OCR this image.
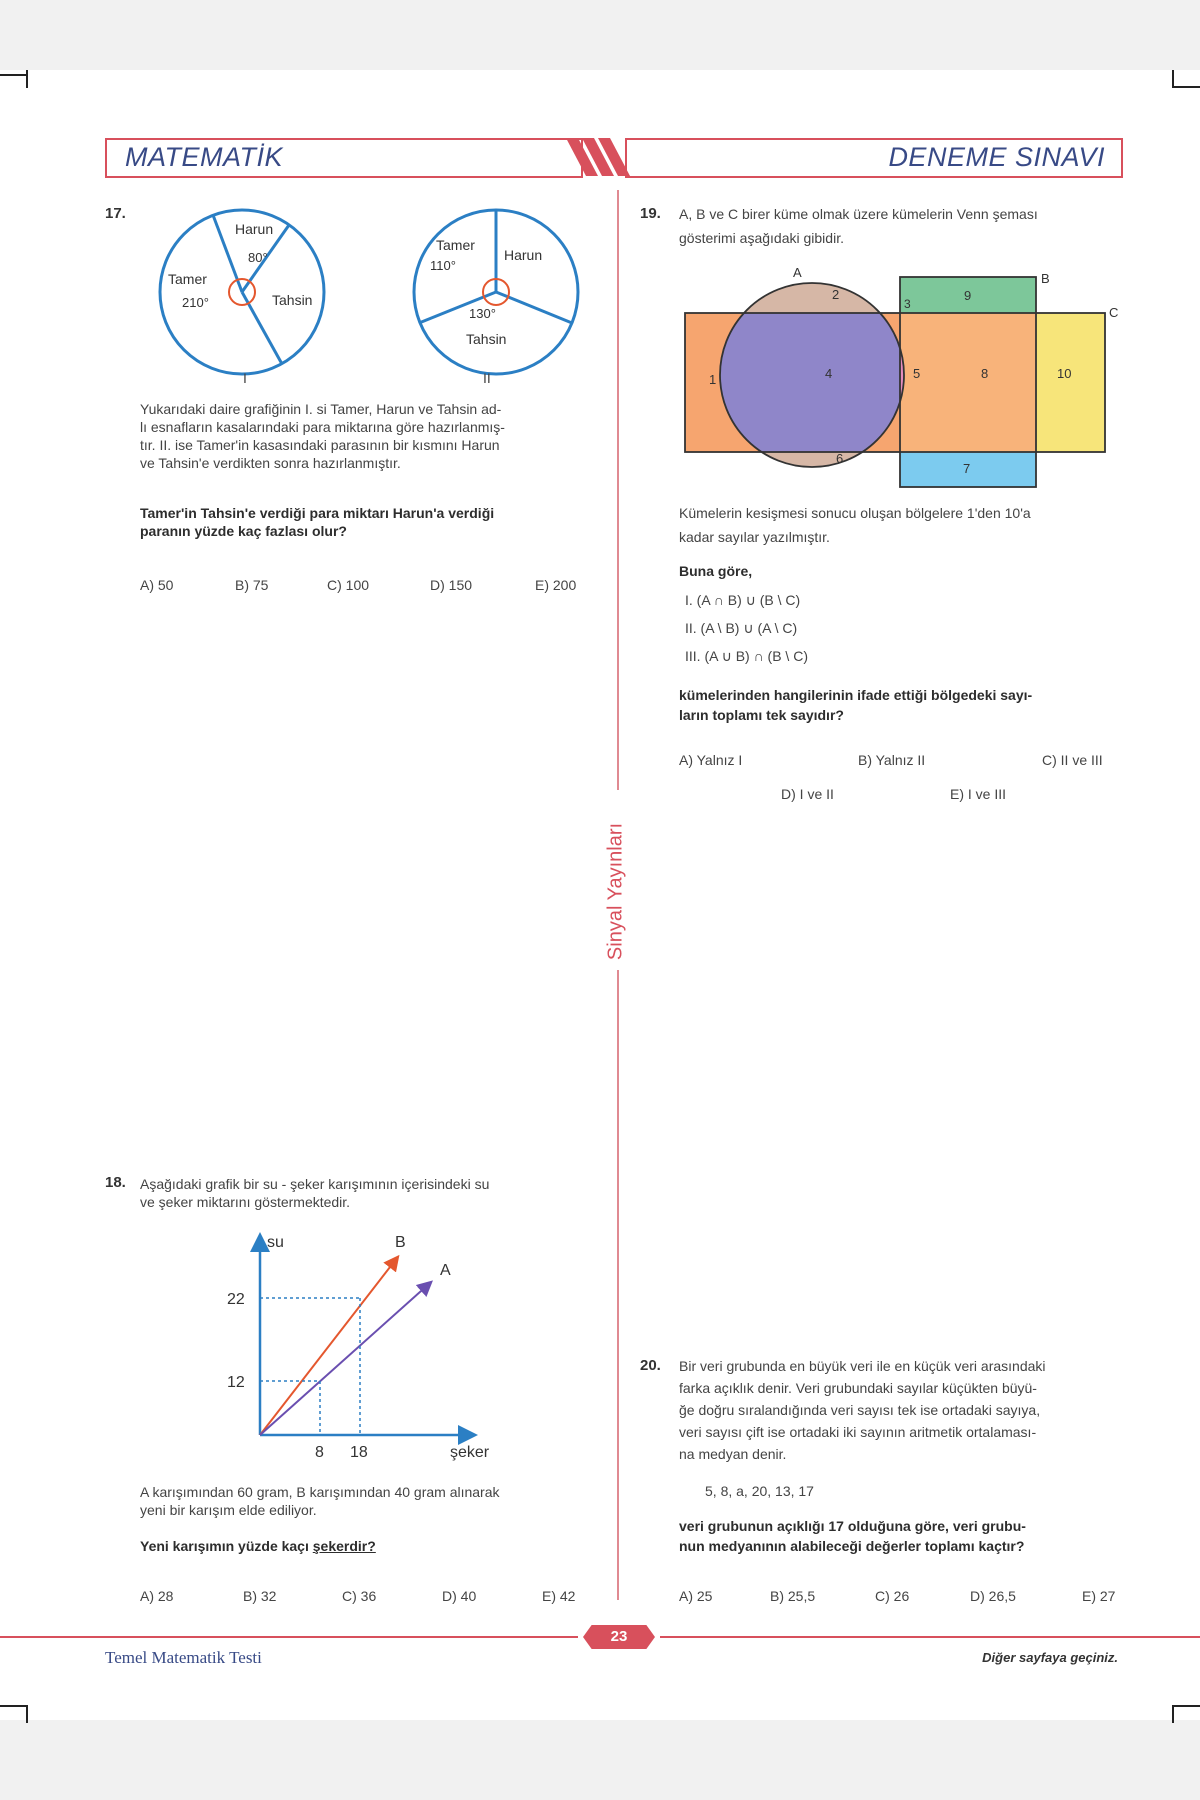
MATEMATİK	DENEME SINAVI
Sinyal Yayınları
17.
Harun
80°
Tamer
210°	Tahsin
I
Tamer
110°
Harun
130°
Tahsin
II
Yukarıdaki daire grafiğinin I. si Tamer, Harun ve Tahsin ad-
lı esnafların kasalarındaki para miktarına göre hazırlanmış-
tır. II. ise Tamer'in kasasındaki parasının bir kısmını Harun
ve Tahsin'e verdikten sonra hazırlanmıştır.
Tamer'in Tahsin'e verdiği para miktarı Harun'a verdiği
paranın yüzde kaç fazlası olur?
A) 50	B) 75	C) 100	D) 150	E) 200
18. Aşağıdaki grafik bir su - şeker karışımının içerisindeki su
ve şeker miktarını göstermektedir.
su	B
A
22
12
8 18	şeker
A karışımından 60 gram, B karışımından 40 gram alınarak
yeni bir karışım elde ediliyor.
Yeni karışımın yüzde kaçı şekerdir?
A) 28	B) 32	C) 36	D) 40	E) 42
19. A, B ve C birer küme olmak üzere kümelerin Venn şeması
gösterimi aşağıdaki gibidir.
A	B
C
1
2
3
4	5
6
7
8
9
10
Kümelerin kesişmesi sonucu oluşan bölgelere 1'den 10'a
kadar sayılar yazılmıştır.
Buna göre,
I. (A ∩ B) ∪ (B \ C)
II. (A \ B) ∪ (A \ C)
III. (A ∪ B) ∩ (B \ C)
kümelerinden hangilerinin ifade ettiği bölgedeki sayı-
ların toplamı tek sayıdır?
A) Yalnız I	B) Yalnız II	C) II ve III
D) I ve II	E) I ve III
20. Bir veri grubunda en büyük veri ile en küçük veri arasındaki
farka açıklık denir. Veri grubundaki sayılar küçükten büyü-
ğe doğru sıralandığında veri sayısı tek ise ortadaki sayıya,
veri sayısı çift ise ortadaki iki sayının aritmetik ortalaması-
na medyan denir.
5, 8, a, 20, 13, 17
veri grubunun açıklığı 17 olduğuna göre, veri grubu-
nun medyanının alabileceği değerler toplamı kaçtır?
A) 25	B) 25,5	C) 26	D) 26,5	E) 27
23
Temel Matematik Testi	Diğer sayfaya geçiniz.
